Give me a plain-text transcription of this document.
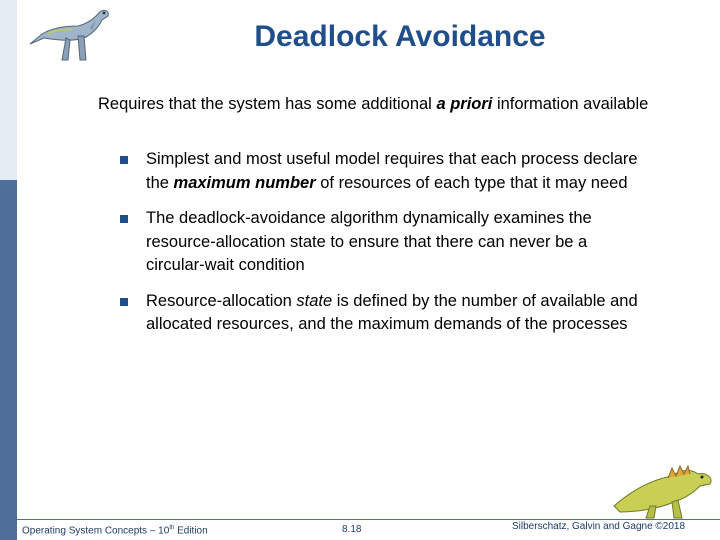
Deadlock Avoidance
Requires that the system has some additional a priori information available
Simplest and most useful model requires that each process declare the maximum number of resources of each type that it may need
The deadlock-avoidance algorithm dynamically examines the resource-allocation state to ensure that there can never be a circular-wait condition
Resource-allocation state is defined by the number of available and allocated resources, and the maximum demands of the processes
Operating System Concepts – 10th Edition	8.18	Silberschatz, Galvin and Gagne ©2018
